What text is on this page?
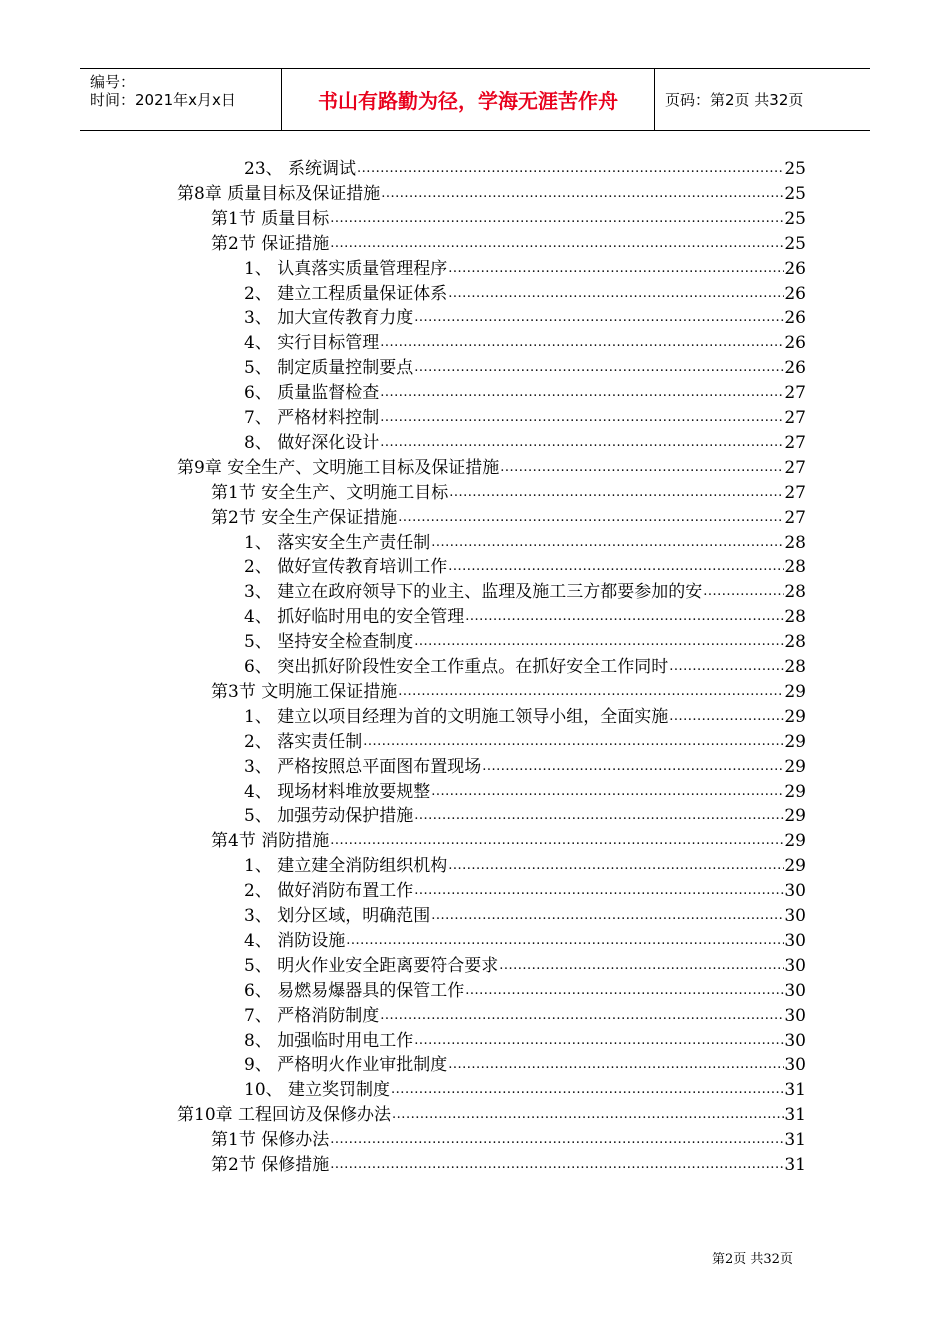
编号：
时间：2021年x月x日	书山有路勤为径，学海无涯苦作舟	页码：第2页 共32页
23、 系统调试 .....	25
第8章 质量目标及保证措施 .....	25
第1节 质量目标 .....	25
第2节 保证措施 .....	25
1、 认真落实质量管理程序 .....	26
2、 建立工程质量保证体系 .....	26
3、 加大宣传教育力度 .....	26
4、 实行目标管理 .....	26
5、 制定质量控制要点 .....	26
6、 质量监督检查 .....	27
7、 严格材料控制 .....	27
8、 做好深化设计 .....	27
第9章 安全生产、文明施工目标及保证措施 .....	27
第1节 安全生产、文明施工目标 .....	27
第2节 安全生产保证措施 .....	27
1、 落实安全生产责任制 .....	28
2、 做好宣传教育培训工作 .....	28
3、 建立在政府领导下的业主、监理及施工三方都要参加的安 .....	28
4、 抓好临时用电的安全管理 .....	28
5、 坚持安全检查制度 .....	28
6、 突出抓好阶段性安全工作重点。在抓好安全工作同时 .....	28
第3节 文明施工保证措施 .....	29
1、 建立以项目经理为首的文明施工领导小组，全面实施 .....	29
2、 落实责任制 .....	29
3、 严格按照总平面图布置现场 .....	29
4、 现场材料堆放要规整 .....	29
5、 加强劳动保护措施 .....	29
第4节 消防措施 .....	29
1、 建立建全消防组织机构 .....	29
2、 做好消防布置工作 .....	30
3、 划分区域，明确范围 .....	30
4、 消防设施 .....	30
5、 明火作业安全距离要符合要求 .....	30
6、 易燃易爆器具的保管工作 .....	30
7、 严格消防制度 .....	30
8、 加强临时用电工作 .....	30
9、 严格明火作业审批制度 .....	30
10、 建立奖罚制度 .....	31
第10章 工程回访及保修办法 .....	31
第1节 保修办法 .....	31
第2节 保修措施 .....	31
第2页 共32页
